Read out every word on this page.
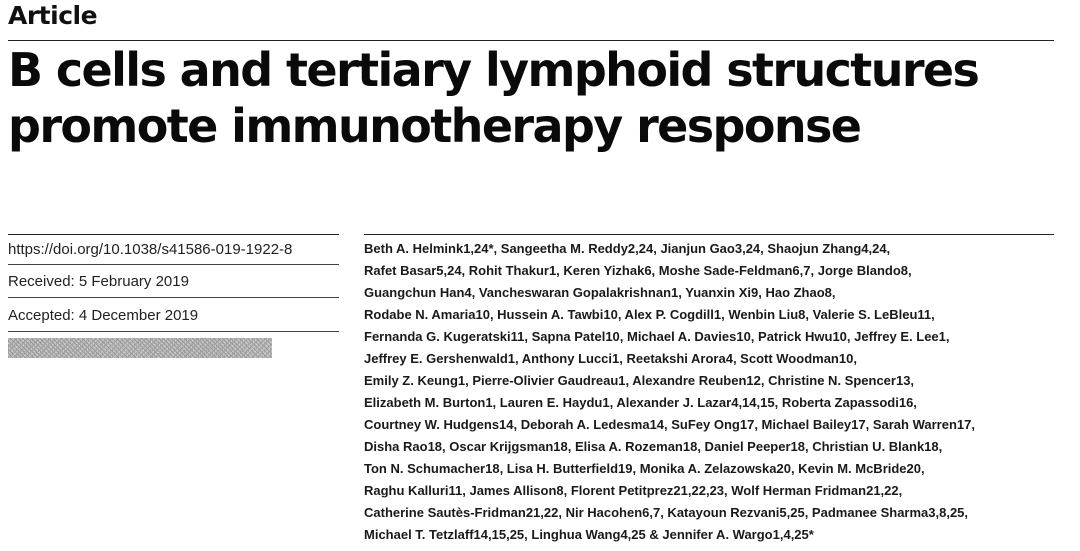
Article
B cells and tertiary lymphoid structures
promote immunotherapy response
https://doi.org/10.1038/s41586-019-1922-8
Received: 5 February 2019
Accepted: 4 December 2019
Beth A. Helmink1,24*, Sangeetha M. Reddy2,24, Jianjun Gao3,24, Shaojun Zhang4,24,
Rafet Basar5,24, Rohit Thakur1, Keren Yizhak6, Moshe Sade-Feldman6,7, Jorge Blando8,
Guangchun Han4, Vancheswaran Gopalakrishnan1, Yuanxin Xi9, Hao Zhao8,
Rodabe N. Amaria10, Hussein A. Tawbi10, Alex P. Cogdill1, Wenbin Liu8, Valerie S. LeBleu11,
Fernanda G. Kugeratski11, Sapna Patel10, Michael A. Davies10, Patrick Hwu10, Jeffrey E. Lee1,
Jeffrey E. Gershenwald1, Anthony Lucci1, Reetakshi Arora4, Scott Woodman10,
Emily Z. Keung1, Pierre-Olivier Gaudreau1, Alexandre Reuben12, Christine N. Spencer13,
Elizabeth M. Burton1, Lauren E. Haydu1, Alexander J. Lazar4,14,15, Roberta Zapassodi16,
Courtney W. Hudgens14, Deborah A. Ledesma14, SuFey Ong17, Michael Bailey17, Sarah Warren17,
Disha Rao18, Oscar Krijgsman18, Elisa A. Rozeman18, Daniel Peeper18, Christian U. Blank18,
Ton N. Schumacher18, Lisa H. Butterfield19, Monika A. Zelazowska20, Kevin M. McBride20,
Raghu Kalluri11, James Allison8, Florent Petitprez21,22,23, Wolf Herman Fridman21,22,
Catherine Sautès-Fridman21,22, Nir Hacohen6,7, Katayoun Rezvani5,25, Padmanee Sharma3,8,25,
Michael T. Tetzlaff14,15,25, Linghua Wang4,25 & Jennifer A. Wargo1,4,25*
